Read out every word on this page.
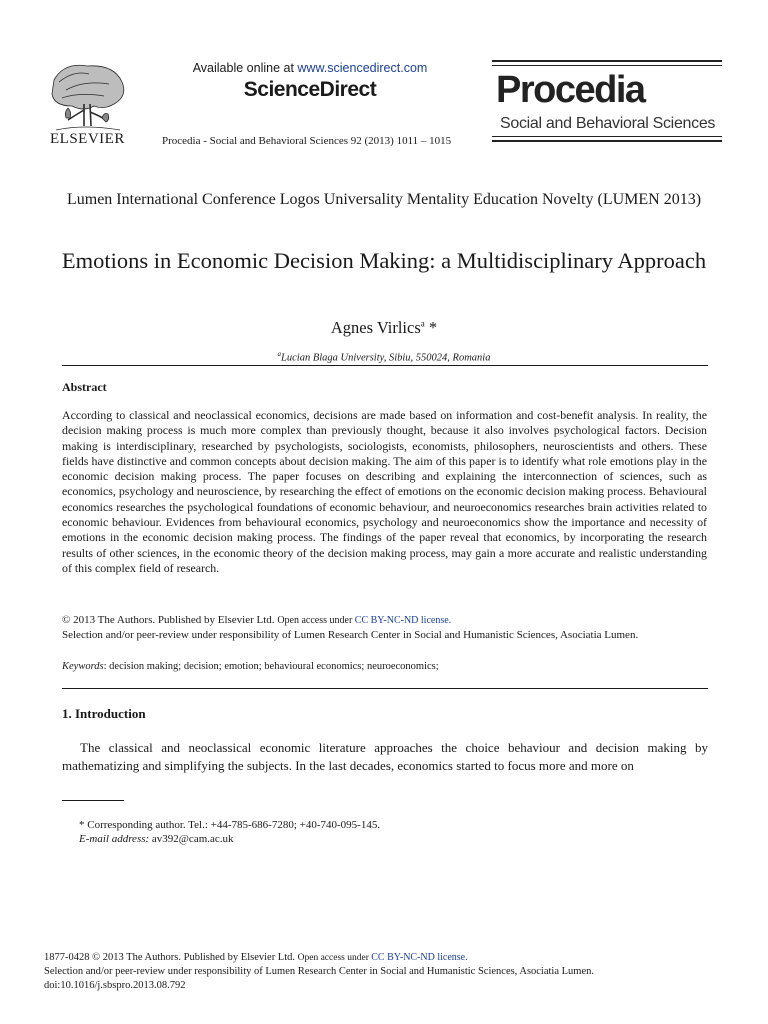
ELSEVIER
Available online at www.sciencedirect.com
ScienceDirect
Procedia - Social and Behavioral Sciences 92 (2013) 1011 – 1015
Procedia
Social and Behavioral Sciences
Lumen International Conference Logos Universality Mentality Education Novelty (LUMEN 2013)
Emotions in Economic Decision Making: a Multidisciplinary Approach
Agnes Virlics$^a$ *
$^a$Lucian Blaga University, Sibiu, 550024, Romania
Abstract
According to classical and neoclassical economics, decisions are made based on information and cost-benefit analysis. In reality, the decision making process is much more complex than previously thought, because it also involves psychological factors. Decision making is interdisciplinary, researched by psychologists, sociologists, economists, philosophers, neuroscientists and others. These fields have distinctive and common concepts about decision making. The aim of this paper is to identify what role emotions play in the economic decision making process. The paper focuses on describing and explaining the interconnection of sciences, such as economics, psychology and neuroscience, by researching the effect of emotions on the economic decision making process. Behavioural economics researches the psychological foundations of economic behaviour, and neuroeconomics researches brain activities related to economic behaviour. Evidences from behavioural economics, psychology and neuroeconomics show the importance and necessity of emotions in the economic decision making process. The findings of the paper reveal that economics, by incorporating the research results of other sciences, in the economic theory of the decision making process, may gain a more accurate and realistic understanding of this complex field of research.
© 2013 The Authors. Published by Elsevier Ltd. Open access under CC BY-NC-ND license.
Selection and/or peer-review under responsibility of Lumen Research Center in Social and Humanistic Sciences, Asociatia Lumen.
Keywords: decision making; decision; emotion; behavioural economics; neuroeconomics;
1. Introduction
The classical and neoclassical economic literature approaches the choice behaviour and decision making by mathematizing and simplifying the subjects. In the last decades, economics started to focus more and more on
* Corresponding author. Tel.: +44-785-686-7280; +40-740-095-145.
E-mail address: av392@cam.ac.uk
1877-0428 © 2013 The Authors. Published by Elsevier Ltd. Open access under CC BY-NC-ND license.
Selection and/or peer-review under responsibility of Lumen Research Center in Social and Humanistic Sciences, Asociatia Lumen.
doi:10.1016/j.sbspro.2013.08.792
